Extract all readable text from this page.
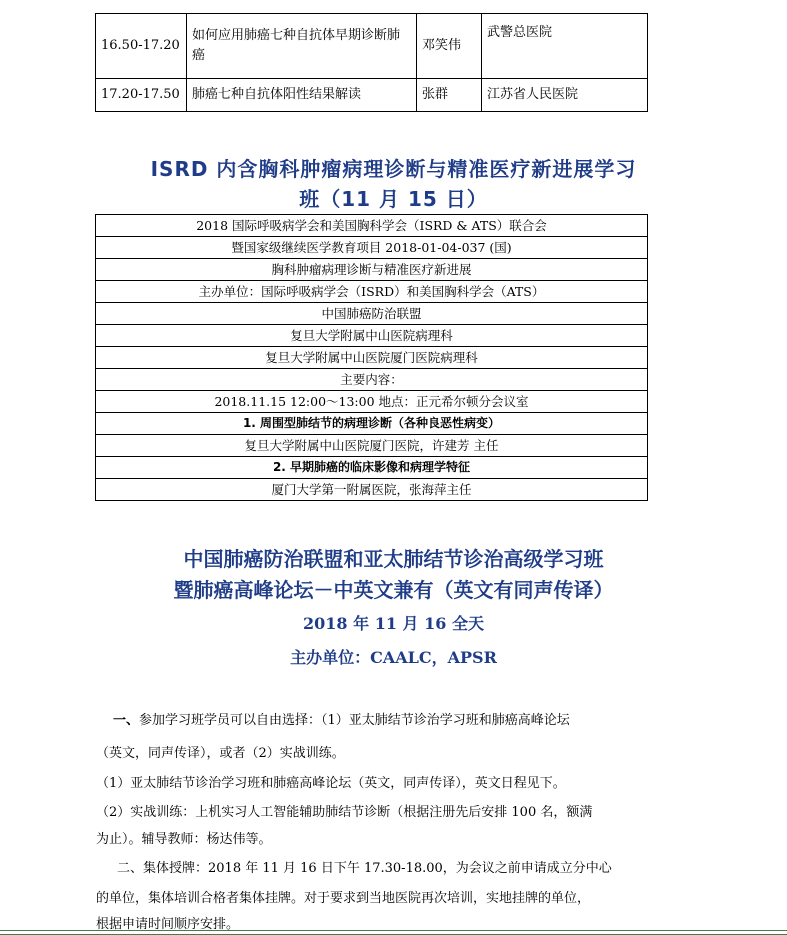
16.50-17.20	如何应用肺癌七种自抗体早期诊断肺癌	邓笑伟	武警总医院
17.20-17.50	肺癌七种自抗体阳性结果解读	张群	江苏省人民医院
ISRD 内含胸科肿瘤病理诊断与精准医疗新进展学习
班（11 月 15 日）
2018 国际呼吸病学会和美国胸科学会（ISRD & ATS）联合会
暨国家级继续医学教育项目 2018-01-04-037 (国)
胸科肿瘤病理诊断与精准医疗新进展
主办单位：国际呼吸病学会（ISRD）和美国胸科学会（ATS）
中国肺癌防治联盟
复旦大学附属中山医院病理科
复旦大学附属中山医院厦门医院病理科
主要内容：
2018.11.15 12:00～13:00 地点：正元希尔顿分会议室
1. 周围型肺结节的病理诊断（各种良恶性病变）
复旦大学附属中山医院厦门医院，许建芳 主任
2. 早期肺癌的临床影像和病理学特征
厦门大学第一附属医院，张海萍主任
中国肺癌防治联盟和亚太肺结节诊治高级学习班
暨肺癌高峰论坛－中英文兼有（英文有同声传译）
2018 年 11 月 16 全天
主办单位：CAALC，APSR
一、参加学习班学员可以自由选择：（1）亚太肺结节诊治学习班和肺癌高峰论坛
（英文，同声传译），或者（2）实战训练。
（1）亚太肺结节诊治学习班和肺癌高峰论坛（英文，同声传译），英文日程见下。
（2）实战训练：上机实习人工智能辅助肺结节诊断（根据注册先后安排 100 名，额满
为止）。辅导教师：杨达伟等。
二、集体授牌：2018 年 11 月 16 日下午 17.30-18.00，为会议之前申请成立分中心
的单位，集体培训合格者集体挂牌。对于要求到当地医院再次培训，实地挂牌的单位，
根据申请时间顺序安排。
